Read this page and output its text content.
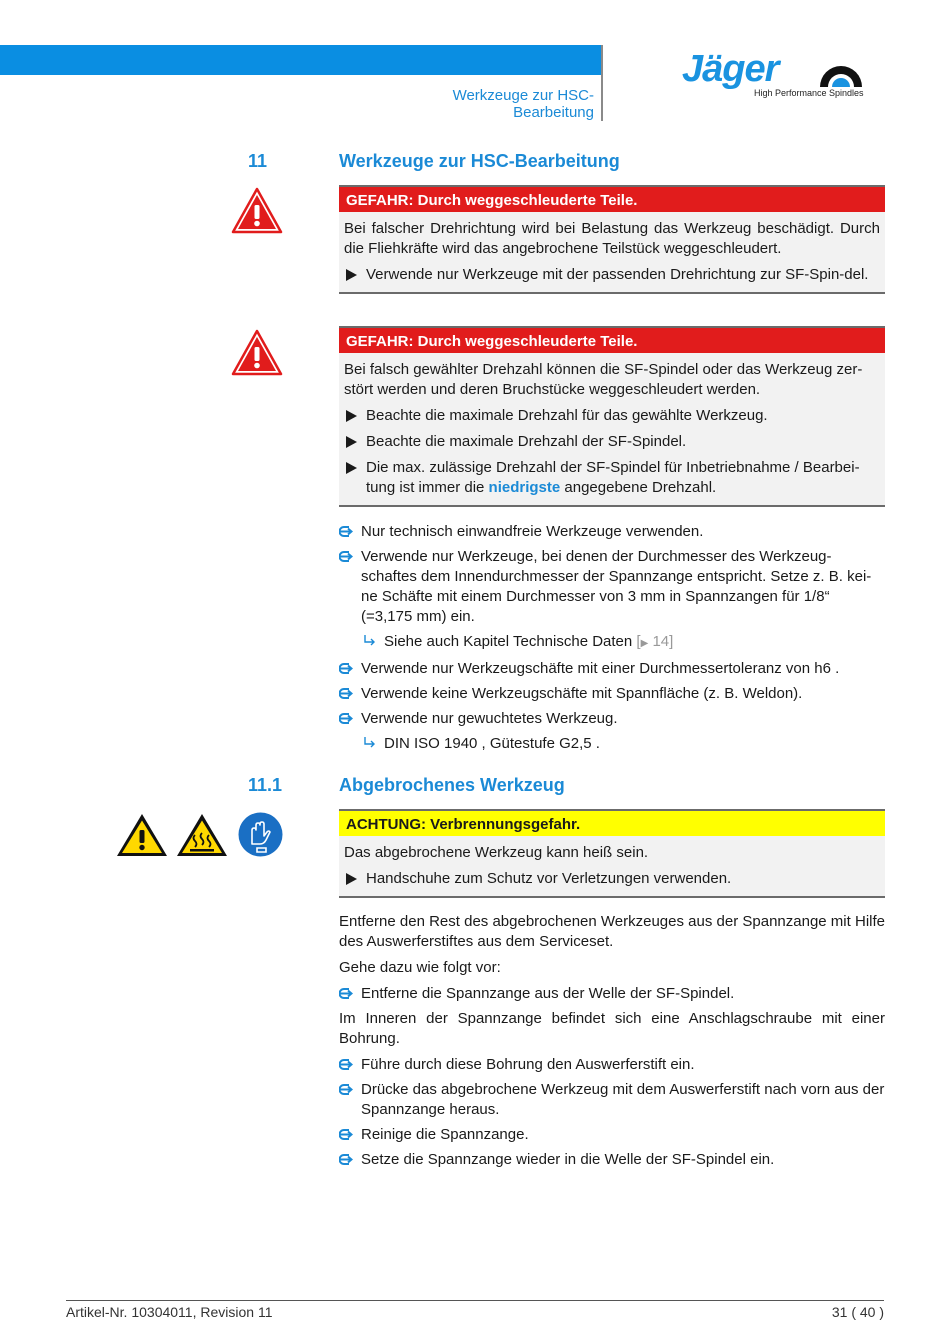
Werkzeuge zur HSC-Bearbeitung
Jäger
High Performance Spindles
11	Werkzeuge zur HSC-Bearbeitung
GEFAHR: Durch weggeschleuderte Teile.

Bei falscher Drehrichtung wird bei Belastung das Werkzeug beschädigt. Durch die Fliehkräfte wird das angebrochene Teilstück weggeschleudert.

Verwende nur Werkzeuge mit der passenden Drehrichtung zur SF-Spin-del.
GEFAHR: Durch weggeschleuderte Teile.

Bei falsch gewählter Drehzahl können die SF-Spindel oder das Werkzeug zer-stört werden und deren Bruchstücke weggeschleudert werden.

Beachte die maximale Drehzahl für das gewählte Werkzeug.
Beachte die maximale Drehzahl der SF-Spindel.
Die max. zulässige Drehzahl der SF-Spindel für Inbetriebnahme / Bearbei-tung ist immer die niedrigste angegebene Drehzahl.
Nur technisch einwandfreie Werkzeuge verwenden.
Verwende nur Werkzeuge, bei denen der Durchmesser des Werkzeug-schaftes dem Innendurchmesser der Spannzange entspricht. Setze z. B. kei-ne Schäfte mit einem Durchmesser von 3 mm in Spannzangen für 1/8“ (=3,175 mm) ein.
Siehe auch Kapitel Technische Daten [▶ 14]
Verwende nur Werkzeugschäfte mit einer Durchmessertoleranz von h6 .
Verwende keine Werkzeugschäfte mit Spannfläche (z. B. Weldon).
Verwende nur gewuchtetes Werkzeug.
DIN ISO 1940 , Gütestufe G2,5 .
11.1	Abgebrochenes Werkzeug
ACHTUNG: Verbrennungsgefahr.

Das abgebrochene Werkzeug kann heiß sein.

Handschuhe zum Schutz vor Verletzungen verwenden.

Entferne den Rest des abgebrochenen Werkzeuges aus der Spannzange mit Hilfe des Auswerferstiftes aus dem Serviceset.

Gehe dazu wie folgt vor:

Entferne die Spannzange aus der Welle der SF-Spindel.

Im Inneren der Spannzange befindet sich eine Anschlagschraube mit einer Bohrung.

Führe durch diese Bohrung den Auswerferstift ein.
Drücke das abgebrochene Werkzeug mit dem Auswerferstift nach vorn aus der Spannzange heraus.
Reinige die Spannzange.
Setze die Spannzange wieder in die Welle der SF-Spindel ein.
Artikel-Nr. 10304011, Revision 11	31 ( 40 )
